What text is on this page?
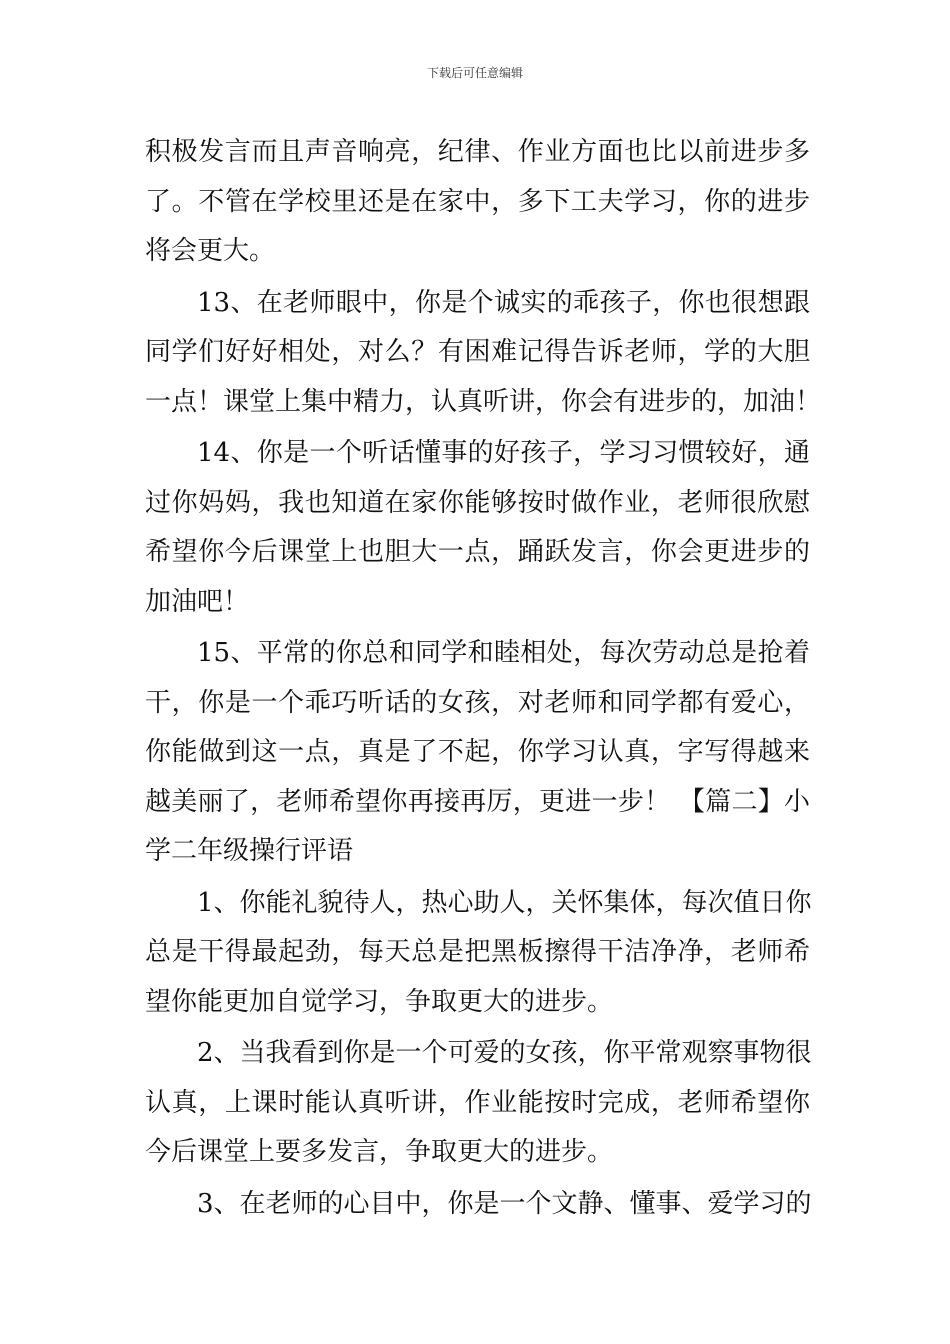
下载后可任意编辑
积极发言而且声音响亮，纪律、作业方面也比以前进步多
了。不管在学校里还是在家中，多下工夫学习，你的进步
将会更大。
13、在老师眼中，你是个诚实的乖孩子，你也很想跟
同学们好好相处，对么？有困难记得告诉老师，学的大胆
一点！课堂上集中精力，认真听讲，你会有进步的，加油！
14、你是一个听话懂事的好孩子，学习习惯较好，通
过你妈妈，我也知道在家你能够按时做作业，老师很欣慰
希望你今后课堂上也胆大一点，踊跃发言，你会更进步的
加油吧！
15、平常的你总和同学和睦相处，每次劳动总是抢着
干，你是一个乖巧听话的女孩，对老师和同学都有爱心，
你能做到这一点，真是了不起，你学习认真，字写得越来
越美丽了，老师希望你再接再厉，更进一步！ 【篇二】小
学二年级操行评语
1、你能礼貌待人，热心助人，关怀集体，每次值日你
总是干得最起劲，每天总是把黑板擦得干洁净净，老师希
望你能更加自觉学习，争取更大的进步。
2、当我看到你是一个可爱的女孩，你平常观察事物很
认真，上课时能认真听讲，作业能按时完成，老师希望你
今后课堂上要多发言，争取更大的进步。
3、在老师的心目中，你是一个文静、懂事、爱学习的
